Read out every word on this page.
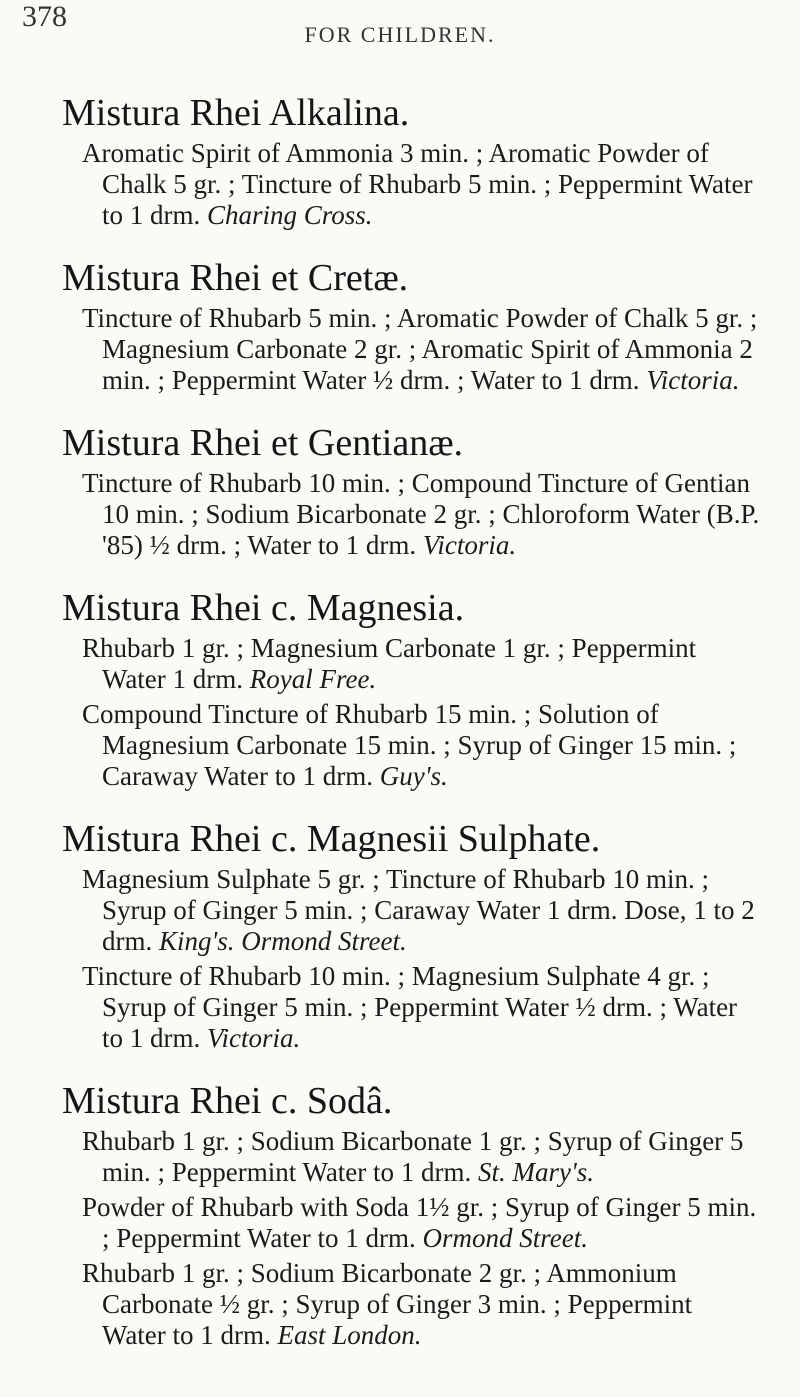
378
FOR CHILDREN.
Mistura Rhei Alkalina.

Aromatic Spirit of Ammonia 3 min. ; Aromatic Powder of Chalk 5 gr. ; Tincture of Rhubarb 5 min. ; Peppermint Water to 1 drm. Charing Cross.

Mistura Rhei et Cretæ.

Tincture of Rhubarb 5 min. ; Aromatic Powder of Chalk 5 gr. ; Magnesium Carbonate 2 gr. ; Aromatic Spirit of Ammonia 2 min. ; Peppermint Water ½ drm. ; Water to 1 drm. Victoria.

Mistura Rhei et Gentianæ.

Tincture of Rhubarb 10 min. ; Compound Tincture of Gentian 10 min. ; Sodium Bicarbonate 2 gr. ; Chloroform Water (B.P. '85) ½ drm. ; Water to 1 drm. Victoria.

Mistura Rhei c. Magnesia.

Rhubarb 1 gr. ; Magnesium Carbonate 1 gr. ; Peppermint Water 1 drm. Royal Free.

Compound Tincture of Rhubarb 15 min. ; Solution of Magnesium Carbonate 15 min. ; Syrup of Ginger 15 min. ; Caraway Water to 1 drm. Guy's.

Mistura Rhei c. Magnesii Sulphate.

Magnesium Sulphate 5 gr. ; Tincture of Rhubarb 10 min. ; Syrup of Ginger 5 min. ; Caraway Water 1 drm. Dose, 1 to 2 drm. King's. Ormond Street.

Tincture of Rhubarb 10 min. ; Magnesium Sulphate 4 gr. ; Syrup of Ginger 5 min. ; Peppermint Water ½ drm. ; Water to 1 drm. Victoria.

Mistura Rhei c. Sodâ.

Rhubarb 1 gr. ; Sodium Bicarbonate 1 gr. ; Syrup of Ginger 5 min. ; Peppermint Water to 1 drm. St. Mary's.

Powder of Rhubarb with Soda 1½ gr. ; Syrup of Ginger 5 min. ; Peppermint Water to 1 drm. Ormond Street.

Rhubarb 1 gr. ; Sodium Bicarbonate 2 gr. ; Ammonium Carbonate ½ gr. ; Syrup of Ginger 3 min. ; Peppermint Water to 1 drm. East London.
